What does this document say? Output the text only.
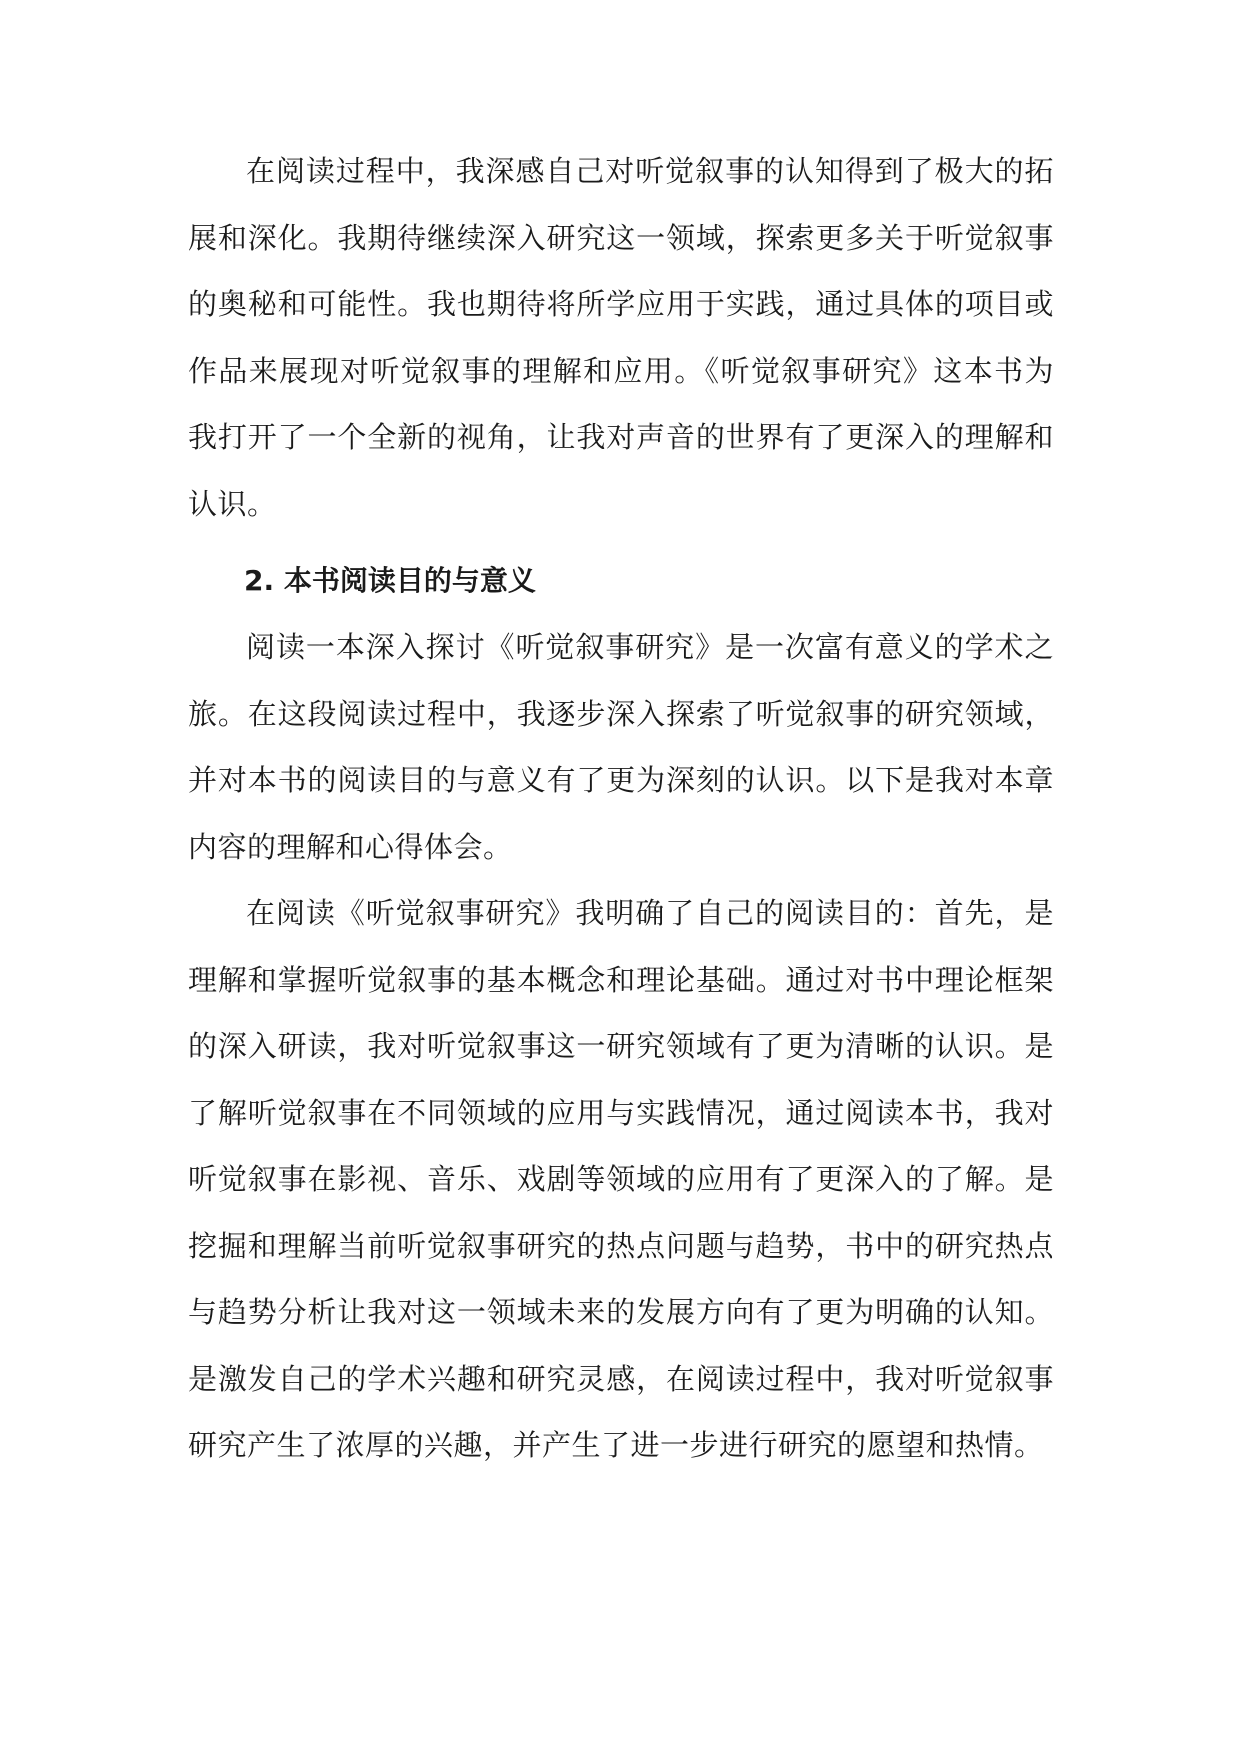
在阅读过程中，我深感自己对听觉叙事的认知得到了极大的拓展和深化。我期待继续深入研究这一领域，探索更多关于听觉叙事的奥秘和可能性。我也期待将所学应用于实践，通过具体的项目或作品来展现对听觉叙事的理解和应用。《听觉叙事研究》这本书为我打开了一个全新的视角，让我对声音的世界有了更深入的理解和认识。

2. 本书阅读目的与意义

阅读一本深入探讨《听觉叙事研究》是一次富有意义的学术之旅。在这段阅读过程中，我逐步深入探索了听觉叙事的研究领域，并对本书的阅读目的与意义有了更为深刻的认识。以下是我对本章内容的理解和心得体会。

在阅读《听觉叙事研究》我明确了自己的阅读目的：首先，是理解和掌握听觉叙事的基本概念和理论基础。通过对书中理论框架的深入研读，我对听觉叙事这一研究领域有了更为清晰的认识。是了解听觉叙事在不同领域的应用与实践情况，通过阅读本书，我对听觉叙事在影视、音乐、戏剧等领域的应用有了更深入的了解。是挖掘和理解当前听觉叙事研究的热点问题与趋势，书中的研究热点与趋势分析让我对这一领域未来的发展方向有了更为明确的认知。是激发自己的学术兴趣和研究灵感，在阅读过程中，我对听觉叙事研究产生了浓厚的兴趣，并产生了进一步进行研究的愿望和热情。
